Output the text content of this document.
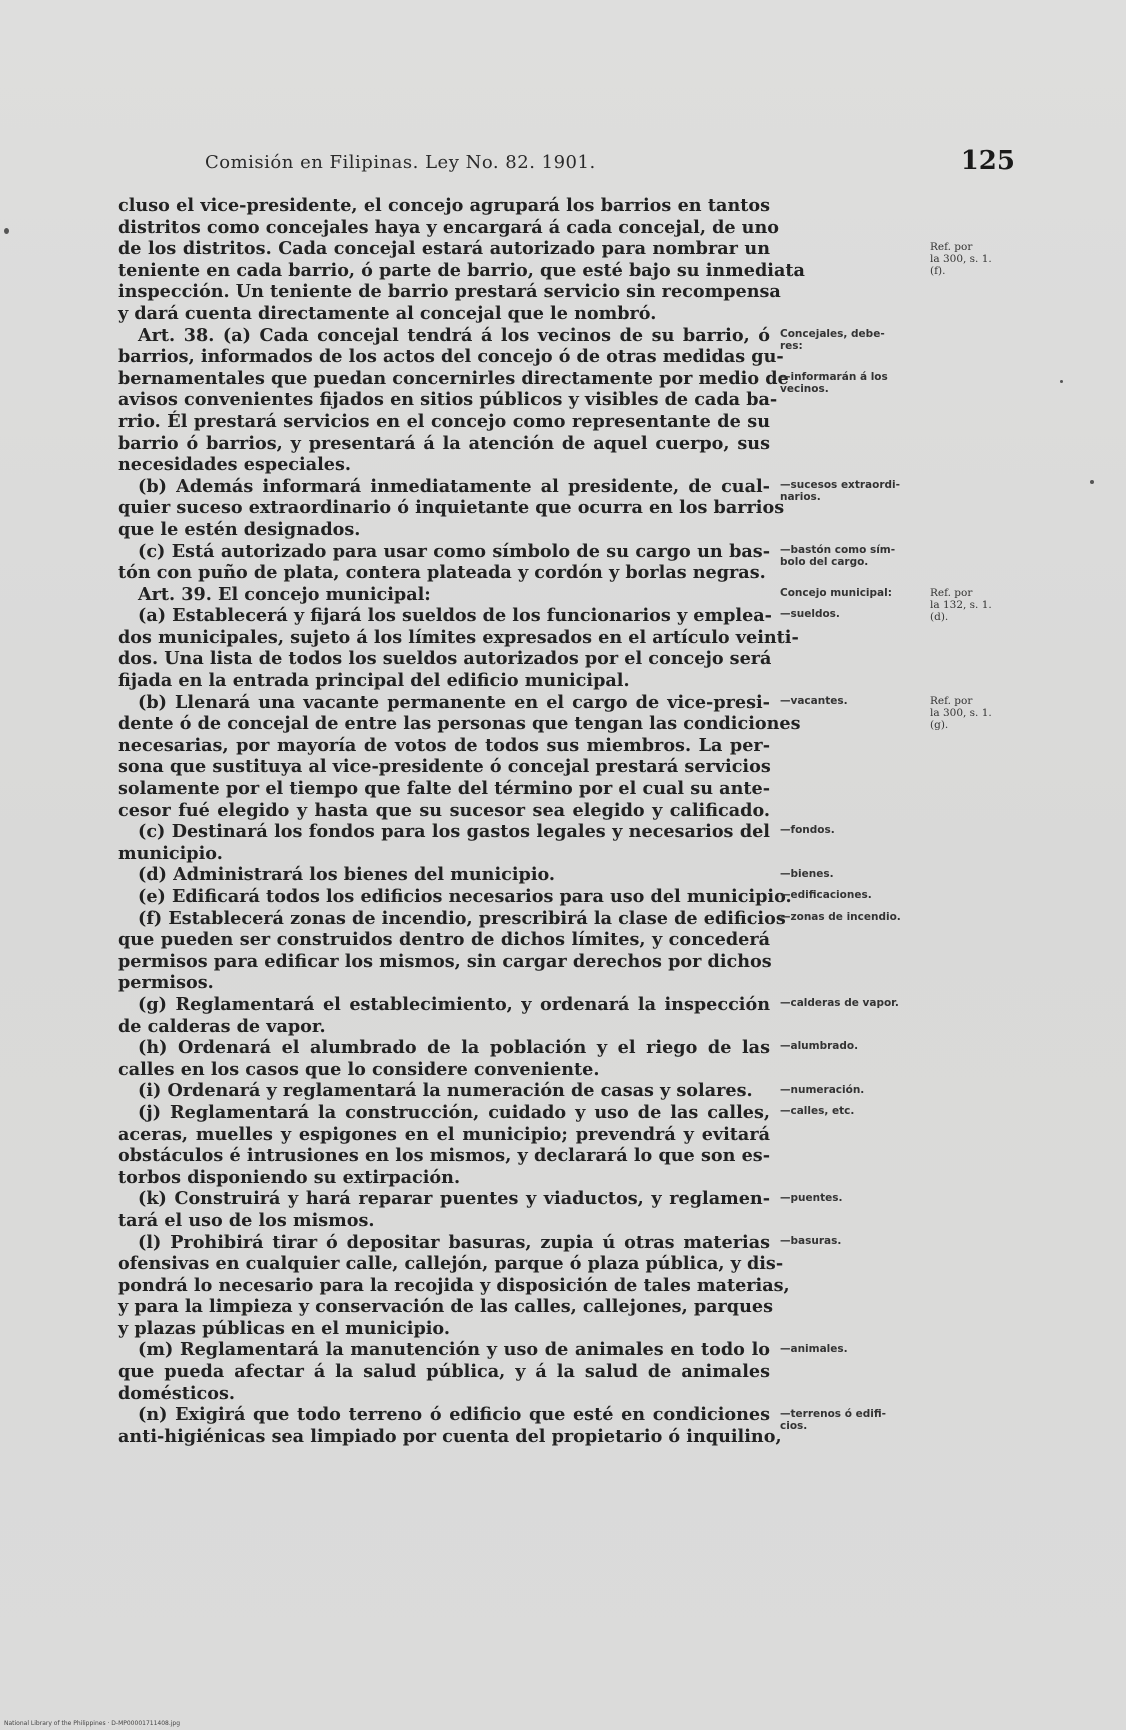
Comisión en Filipinas. Ley No. 82. 1901.	125
cluso el vice-presidente, el concejo agrupará los barrios en tantos
distritos como concejales haya y encargará á cada concejal, de uno
de los distritos. Cada concejal estará autorizado para nombrar un
teniente en cada barrio, ó parte de barrio, que esté bajo su inmediata
inspección. Un teniente de barrio prestará servicio sin recompensa
y dará cuenta directamente al concejal que le nombró.
Art. 38. (a) Cada concejal tendrá á los vecinos de su barrio, ó
barrios, informados de los actos del concejo ó de otras medidas gu-
bernamentales que puedan concernirles directamente por medio de
avisos convenientes fijados en sitios públicos y visibles de cada ba-
rrio. Él prestará servicios en el concejo como representante de su
barrio ó barrios, y presentará á la atención de aquel cuerpo, sus
necesidades especiales.
(b) Además informará inmediatamente al presidente, de cual-
quier suceso extraordinario ó inquietante que ocurra en los barrios
que le estén designados.
(c) Está autorizado para usar como símbolo de su cargo un bas-
tón con puño de plata, contera plateada y cordón y borlas negras.
Art. 39. El concejo municipal:
(a) Establecerá y fijará los sueldos de los funcionarios y emplea-
dos municipales, sujeto á los límites expresados en el artículo veinti-
dos. Una lista de todos los sueldos autorizados por el concejo será
fijada en la entrada principal del edificio municipal.
(b) Llenará una vacante permanente en el cargo de vice-presi-
dente ó de concejal de entre las personas que tengan las condiciones
necesarias, por mayoría de votos de todos sus miembros. La per-
sona que sustituya al vice-presidente ó concejal prestará servicios
solamente por el tiempo que falte del término por el cual su ante-
cesor fué elegido y hasta que su sucesor sea elegido y calificado.
(c) Destinará los fondos para los gastos legales y necesarios del
municipio.
(d) Administrará los bienes del municipio.
(e) Edificará todos los edificios necesarios para uso del municipio.
(f) Establecerá zonas de incendio, prescribirá la clase de edificios
que pueden ser construidos dentro de dichos límites, y concederá
permisos para edificar los mismos, sin cargar derechos por dichos
permisos.
(g) Reglamentará el establecimiento, y ordenará la inspección
de calderas de vapor.
(h) Ordenará el alumbrado de la población y el riego de las
calles en los casos que lo considere conveniente.
(i) Ordenará y reglamentará la numeración de casas y solares.
(j) Reglamentará la construcción, cuidado y uso de las calles,
aceras, muelles y espigones en el municipio; prevendrá y evitará
obstáculos é intrusiones en los mismos, y declarará lo que son es-
torbos disponiendo su extirpación.
(k) Construirá y hará reparar puentes y viaductos, y reglamen-
tará el uso de los mismos.
(l) Prohibirá tirar ó depositar basuras, zupia ú otras materias
ofensivas en cualquier calle, callejón, parque ó plaza pública, y dis-
pondrá lo necesario para la recojida y disposición de tales materias,
y para la limpieza y conservación de las calles, callejones, parques
y plazas públicas en el municipio.
(m) Reglamentará la manutención y uso de animales en todo lo
que pueda afectar á la salud pública, y á la salud de animales
domésticos.
(n) Exigirá que todo terreno ó edificio que esté en condiciones
anti-higiénicas sea limpiado por cuenta del propietario ó inquilino,
Concejales, debe-
res:
—informarán á los
vecinos.
—sucesos extraordi-
narios.
—bastón como sím-
bolo del cargo.
Concejo municipal:
—sueldos.
—vacantes.
—fondos.
—bienes.
—edificaciones.
—zonas de incendio.
—calderas de vapor.
—alumbrado.
—numeración.
—calles, etc.
—puentes.
—basuras.
—animales.
—terrenos ó edifi-
cios.
Ref. por
la 300, s. 1.
(f).
Ref. por
la 132, s. 1.
(d).
Ref. por
la 300, s. 1.
(g).
National Library of the Philippines · D-MP00001711408.jpg
